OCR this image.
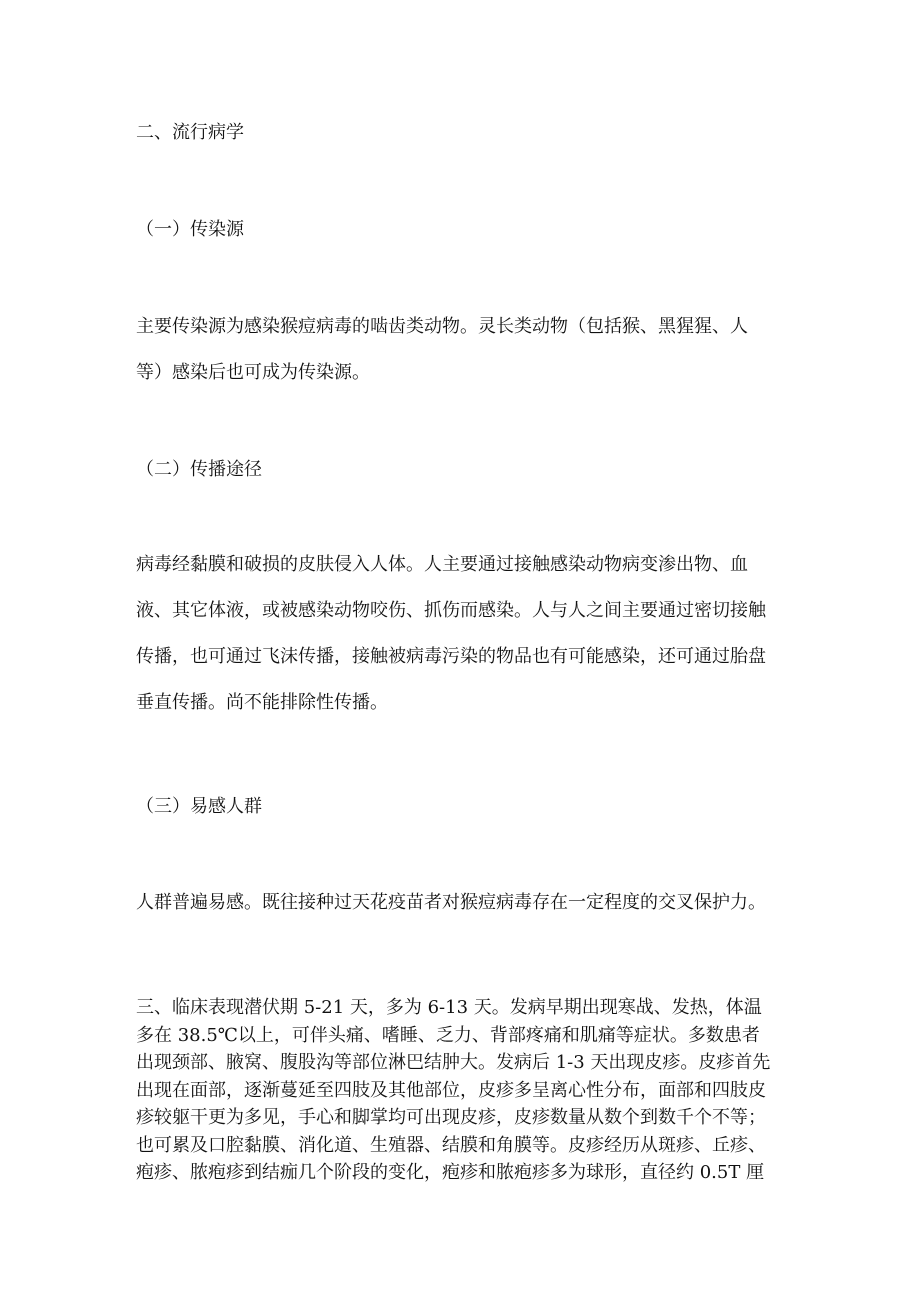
二、流行病学
（一）传染源
主要传染源为感染猴痘病毒的啮齿类动物。灵长类动物（包括猴、黑猩猩、人
等）感染后也可成为传染源。
（二）传播途径
病毒经黏膜和破损的皮肤侵入人体。人主要通过接触感染动物病变渗出物、血
液、其它体液，或被感染动物咬伤、抓伤而感染。人与人之间主要通过密切接触
传播，也可通过飞沫传播，接触被病毒污染的物品也有可能感染，还可通过胎盘
垂直传播。尚不能排除性传播。
（三）易感人群
人群普遍易感。既往接种过天花疫苗者对猴痘病毒存在一定程度的交叉保护力。
三、临床表现潜伏期 5-21 天，多为 6-13 天。发病早期出现寒战、发热，体温
多在 38.5℃以上，可伴头痛、嗜睡、乏力、背部疼痛和肌痛等症状。多数患者
出现颈部、腋窝、腹股沟等部位淋巴结肿大。发病后 1-3 天出现皮疹。皮疹首先
出现在面部，逐渐蔓延至四肢及其他部位，皮疹多呈离心性分布，面部和四肢皮
疹较躯干更为多见，手心和脚掌均可出现皮疹，皮疹数量从数个到数千个不等；
也可累及口腔黏膜、消化道、生殖器、结膜和角膜等。皮疹经历从斑疹、丘疹、
疱疹、脓疱疹到结痂几个阶段的变化，疱疹和脓疱疹多为球形，直径约 0.5T 厘
